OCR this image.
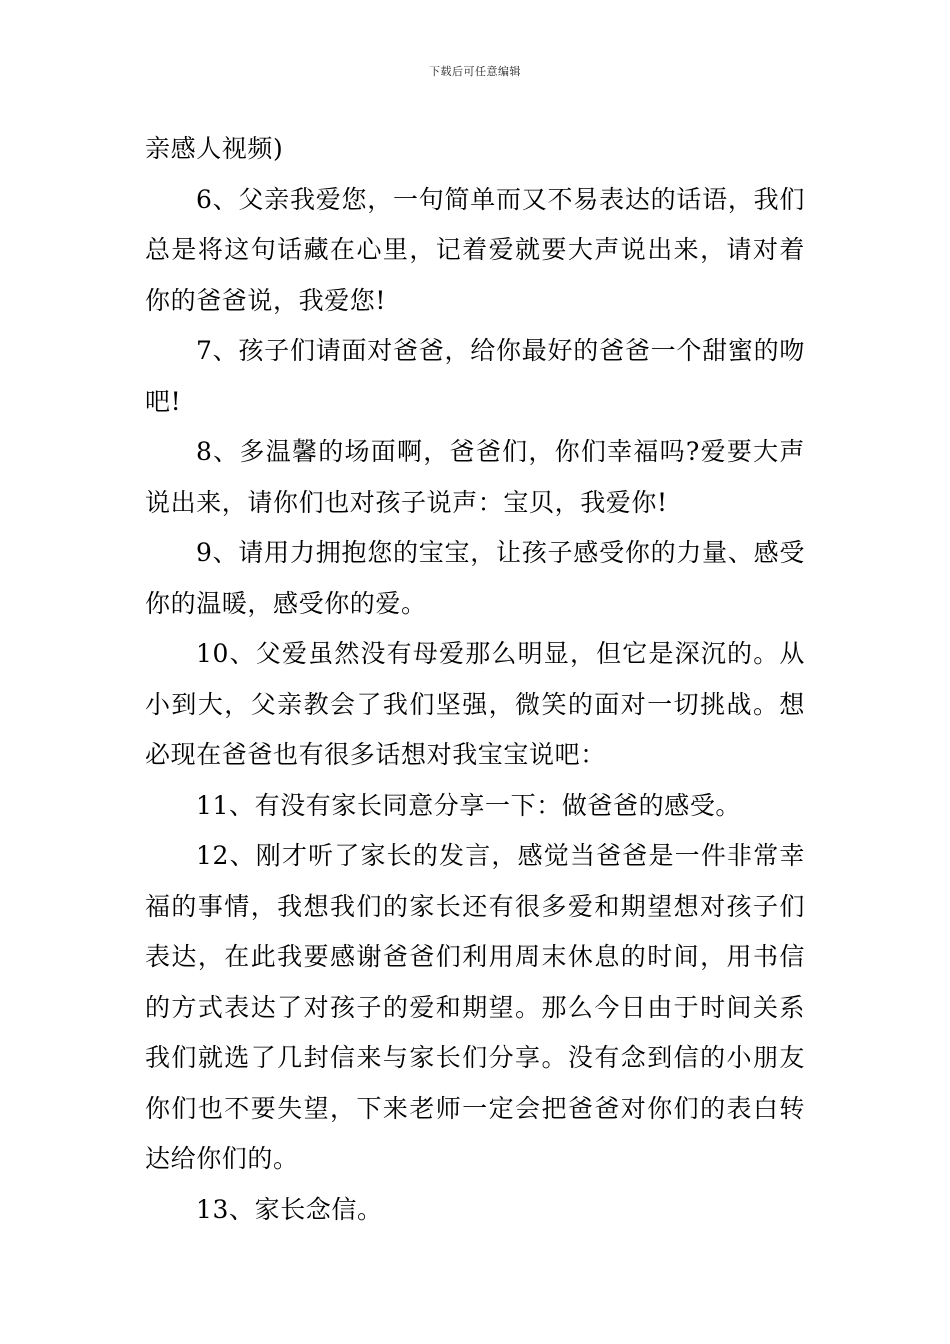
下载后可任意编辑

亲感人视频)

6、父亲我爱您，一句简单而又不易表达的话语，我们总是将这句话藏在心里，记着爱就要大声说出来，请对着你的爸爸说，我爱您!

7、孩子们请面对爸爸，给你最好的爸爸一个甜蜜的吻吧!

8、多温馨的场面啊，爸爸们，你们幸福吗?爱要大声说出来，请你们也对孩子说声：宝贝，我爱你!

9、请用力拥抱您的宝宝，让孩子感受你的力量、感受你的温暖，感受你的爱。

10、父爱虽然没有母爱那么明显，但它是深沉的。从小到大，父亲教会了我们坚强，微笑的面对一切挑战。想必现在爸爸也有很多话想对我宝宝说吧：

11、有没有家长同意分享一下：做爸爸的感受。

12、刚才听了家长的发言，感觉当爸爸是一件非常幸福的事情，我想我们的家长还有很多爱和期望想对孩子们表达，在此我要感谢爸爸们利用周末休息的时间，用书信的方式表达了对孩子的爱和期望。那么今日由于时间关系我们就选了几封信来与家长们分享。没有念到信的小朋友你们也不要失望，下来老师一定会把爸爸对你们的表白转达给你们的。

13、家长念信。
